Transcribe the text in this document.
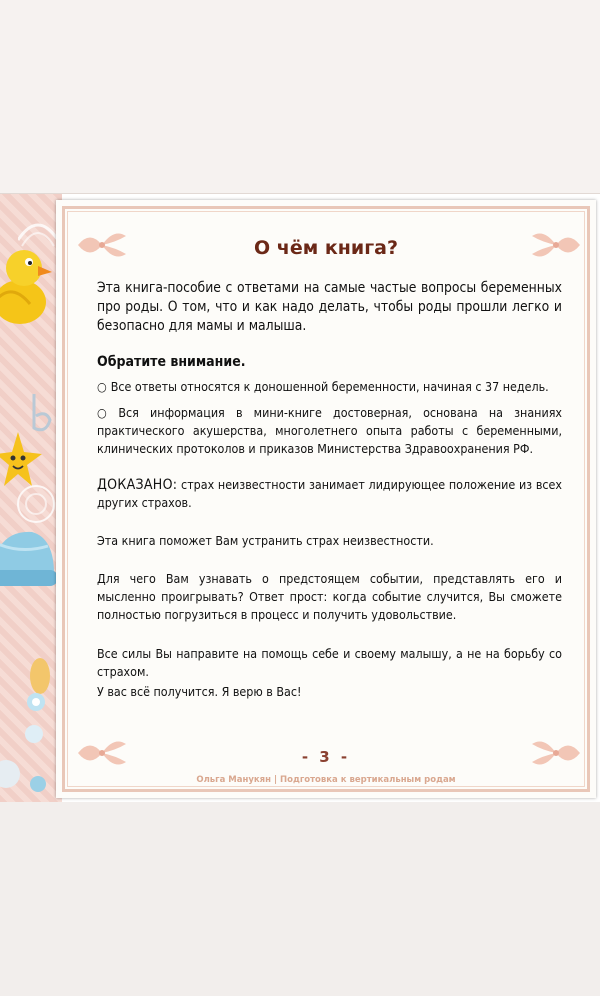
О чём книга?

Эта книга-пособие с ответами на самые частые вопросы беременных про роды. О том, что и как надо делать, чтобы роды прошли легко и безопасно для мамы и малыша.

Обратите внимание.

○ Все ответы относятся к доношенной беременности, начиная с 37 недель.

○ Вся информация в мини-книге достоверная, основана на знаниях практического акушерства, многолетнего опыта работы с беременными, клинических протоколов и приказов Министерства Здравоохранения РФ.

ДОКАЗАНО: страх неизвестности занимает лидирующее положение из всех других страхов.

Эта книга поможет Вам устранить страх неизвестности.

Для чего Вам узнавать о предстоящем событии, представлять его и мысленно проигрывать? Ответ прост: когда событие случится, Вы сможете полностью погрузиться в процесс и получить удовольствие.

Все силы Вы направите на помощь себе и своему малышу, а не на борьбу со страхом.

У вас всё получится. Я верю в Вас!

- 3 -
Ольга Манукян | Подготовка к вертикальным родам
